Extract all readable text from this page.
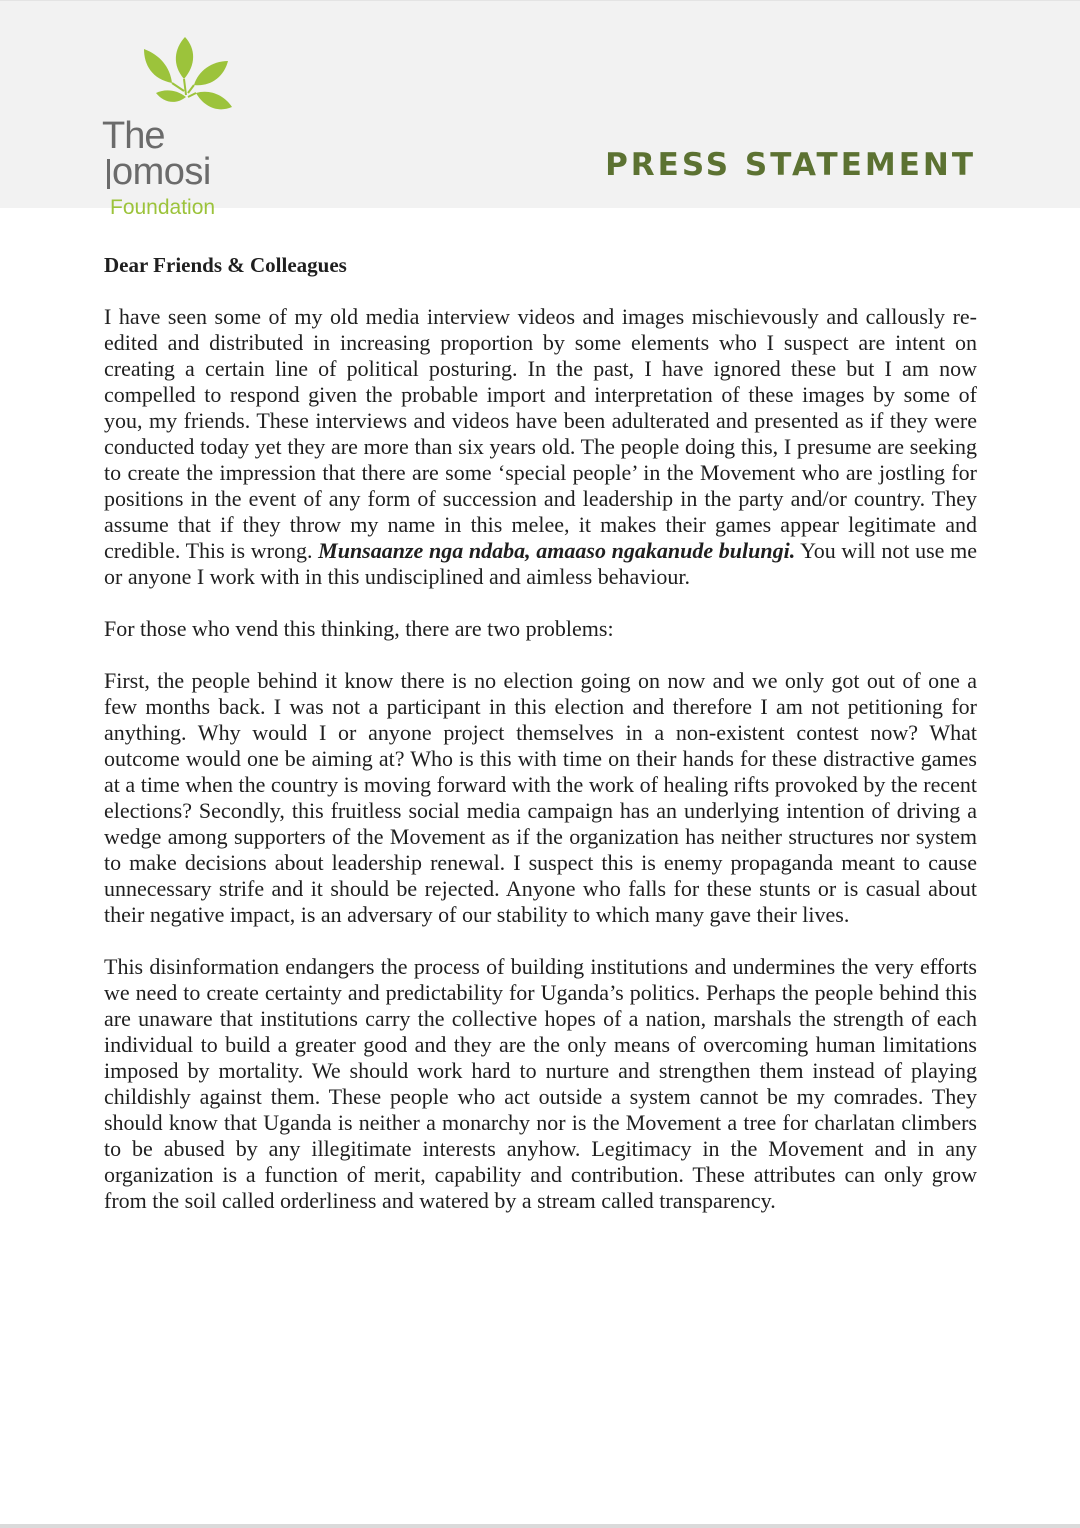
The
omosi
Foundation
PRESS STATEMENT

Dear Friends & Colleagues

I have seen some of my old media interview videos and images mischievously and callously re-edited and distributed in increasing proportion by some elements who I suspect are intent on creating a certain line of political posturing. In the past, I have ignored these but I am now compelled to respond given the probable import and interpretation of these images by some of you, my friends. These interviews and videos have been adulterated and presented as if they were conducted today yet they are more than six years old. The people doing this, I presume are seeking to create the impression that there are some ‘special people’ in the Movement who are jostling for positions in the event of any form of succession and leadership in the party and/or country. They assume that if they throw my name in this melee, it makes their games appear legitimate and credible. This is wrong. Munsaanze nga ndaba, amaaso ngakanude bulungi. You will not use me or anyone I work with in this undisciplined and aimless behaviour.

For those who vend this thinking, there are two problems:

First, the people behind it know there is no election going on now and we only got out of one a few months back. I was not a participant in this election and therefore I am not petitioning for anything. Why would I or anyone project themselves in a non-existent contest now? What outcome would one be aiming at? Who is this with time on their hands for these distractive games at a time when the country is moving forward with the work of healing rifts provoked by the recent elections? Secondly, this fruitless social media campaign has an underlying intention of driving a wedge among supporters of the Movement as if the organization has neither structures nor system to make decisions about leadership renewal. I suspect this is enemy propaganda meant to cause unnecessary strife and it should be rejected. Anyone who falls for these stunts or is casual about their negative impact, is an adversary of our stability to which many gave their lives.

This disinformation endangers the process of building institutions and undermines the very efforts we need to create certainty and predictability for Uganda’s politics. Perhaps the people behind this are unaware that institutions carry the collective hopes of a nation, marshals the strength of each individual to build a greater good and they are the only means of overcoming human limitations imposed by mortality. We should work hard to nurture and strengthen them instead of playing childishly against them. These people who act outside a system cannot be my comrades. They should know that Uganda is neither a monarchy nor is the Movement a tree for charlatan climbers to be abused by any illegitimate interests anyhow. Legitimacy in the Movement and in any organization is a function of merit, capability and contribution. These attributes can only grow from the soil called orderliness and watered by a stream called transparency.
